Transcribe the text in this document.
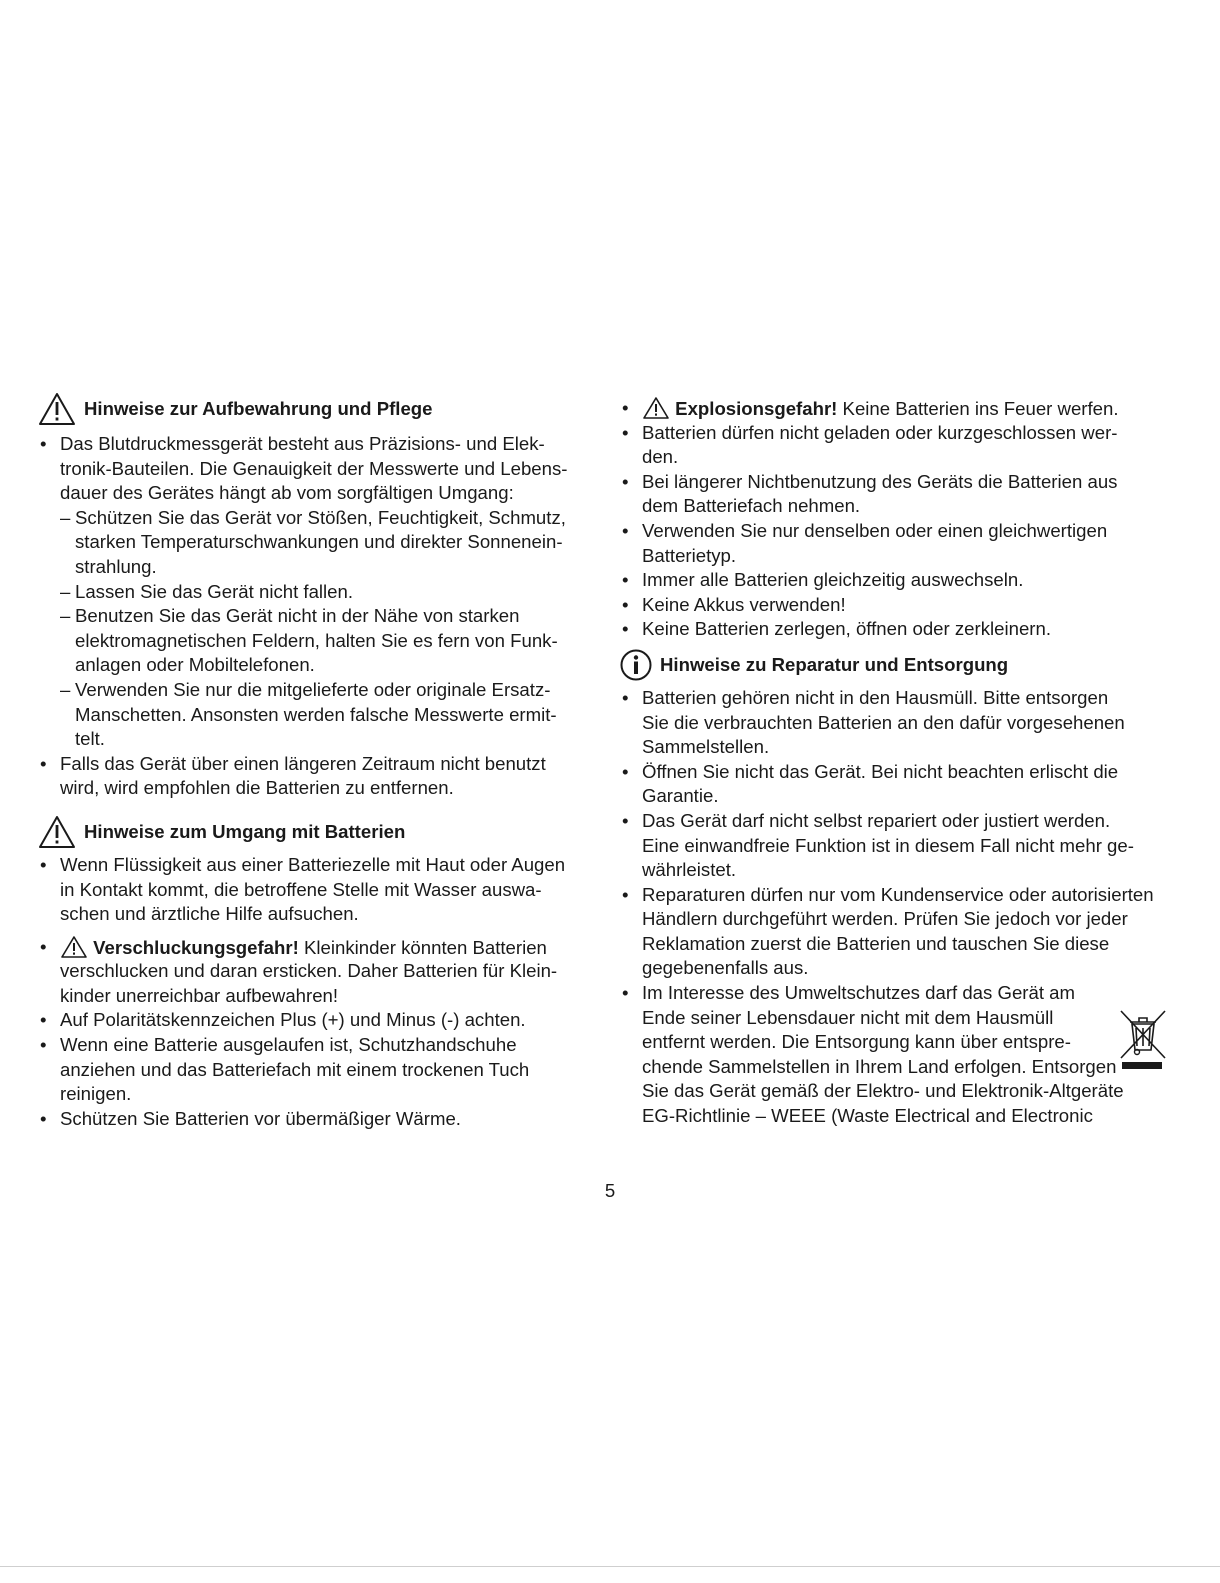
Hinweise zur Aufbewahrung und Pflege
• Das Blutdruckmessgerät besteht aus Präzisions- und Elek-
tronik-Bauteilen. Die Genauigkeit der Messwerte und Lebens-
dauer des Gerätes hängt ab vom sorgfältigen Umgang:
– Schützen Sie das Gerät vor Stößen, Feuchtigkeit, Schmutz,
starken Temperaturschwankungen und direkter Sonnenein-
strahlung.
– Lassen Sie das Gerät nicht fallen.
– Benutzen Sie das Gerät nicht in der Nähe von starken
elektromagnetischen Feldern, halten Sie es fern von Funk-
anlagen oder Mobiltelefonen.
– Verwenden Sie nur die mitgelieferte oder originale Ersatz-
Manschetten. Ansonsten werden falsche Messwerte ermit-
telt.
• Falls das Gerät über einen längeren Zeitraum nicht benutzt
wird, wird empfohlen die Batterien zu entfernen.
Hinweise zum Umgang mit Batterien
• Wenn Flüssigkeit aus einer Batteriezelle mit Haut oder Augen
in Kontakt kommt, die betroffene Stelle mit Wasser auswa-
schen und ärztliche Hilfe aufsuchen.
•	Verschluckungsgefahr! Kleinkinder könnten Batterien
verschlucken und daran ersticken. Daher Batterien für Klein-
kinder unerreichbar aufbewahren!
• Auf Polaritätskennzeichen Plus (+) und Minus (-) achten.
• Wenn eine Batterie ausgelaufen ist, Schutzhandschuhe
anziehen und das Batteriefach mit einem trockenen Tuch
reinigen.
• Schützen Sie Batterien vor übermäßiger Wärme.
•	Explosionsgefahr! Keine Batterien ins Feuer werfen.
• Batterien dürfen nicht geladen oder kurzgeschlossen wer-
den.
• Bei längerer Nichtbenutzung des Geräts die Batterien aus
dem Batteriefach nehmen.
• Verwenden Sie nur denselben oder einen gleichwertigen
Batterietyp.
• Immer alle Batterien gleichzeitig auswechseln.
• Keine Akkus verwenden!
• Keine Batterien zerlegen, öffnen oder zerkleinern.
Hinweise zu Reparatur und Entsorgung
• Batterien gehören nicht in den Hausmüll. Bitte entsorgen
Sie die verbrauchten Batterien an den dafür vorgesehenen
Sammelstellen.
• Öffnen Sie nicht das Gerät. Bei nicht beachten erlischt die
Garantie.
• Das Gerät darf nicht selbst repariert oder justiert werden.
Eine einwandfreie Funktion ist in diesem Fall nicht mehr ge-
währleistet.
• Reparaturen dürfen nur vom Kundenservice oder autorisierten
Händlern durchgeführt werden. Prüfen Sie jedoch vor jeder
Reklamation zuerst die Batterien und tauschen Sie diese
gegebenenfalls aus.
• Im Interesse des Umweltschutzes darf das Gerät am
Ende seiner Lebensdauer nicht mit dem Hausmüll
entfernt werden. Die Entsorgung kann über entspre-
chende Sammelstellen in Ihrem Land erfolgen. Entsorgen
Sie das Gerät gemäß der Elektro- und Elektronik-Altgeräte
EG-Richtlinie – WEEE (Waste Electrical and Electronic
5
